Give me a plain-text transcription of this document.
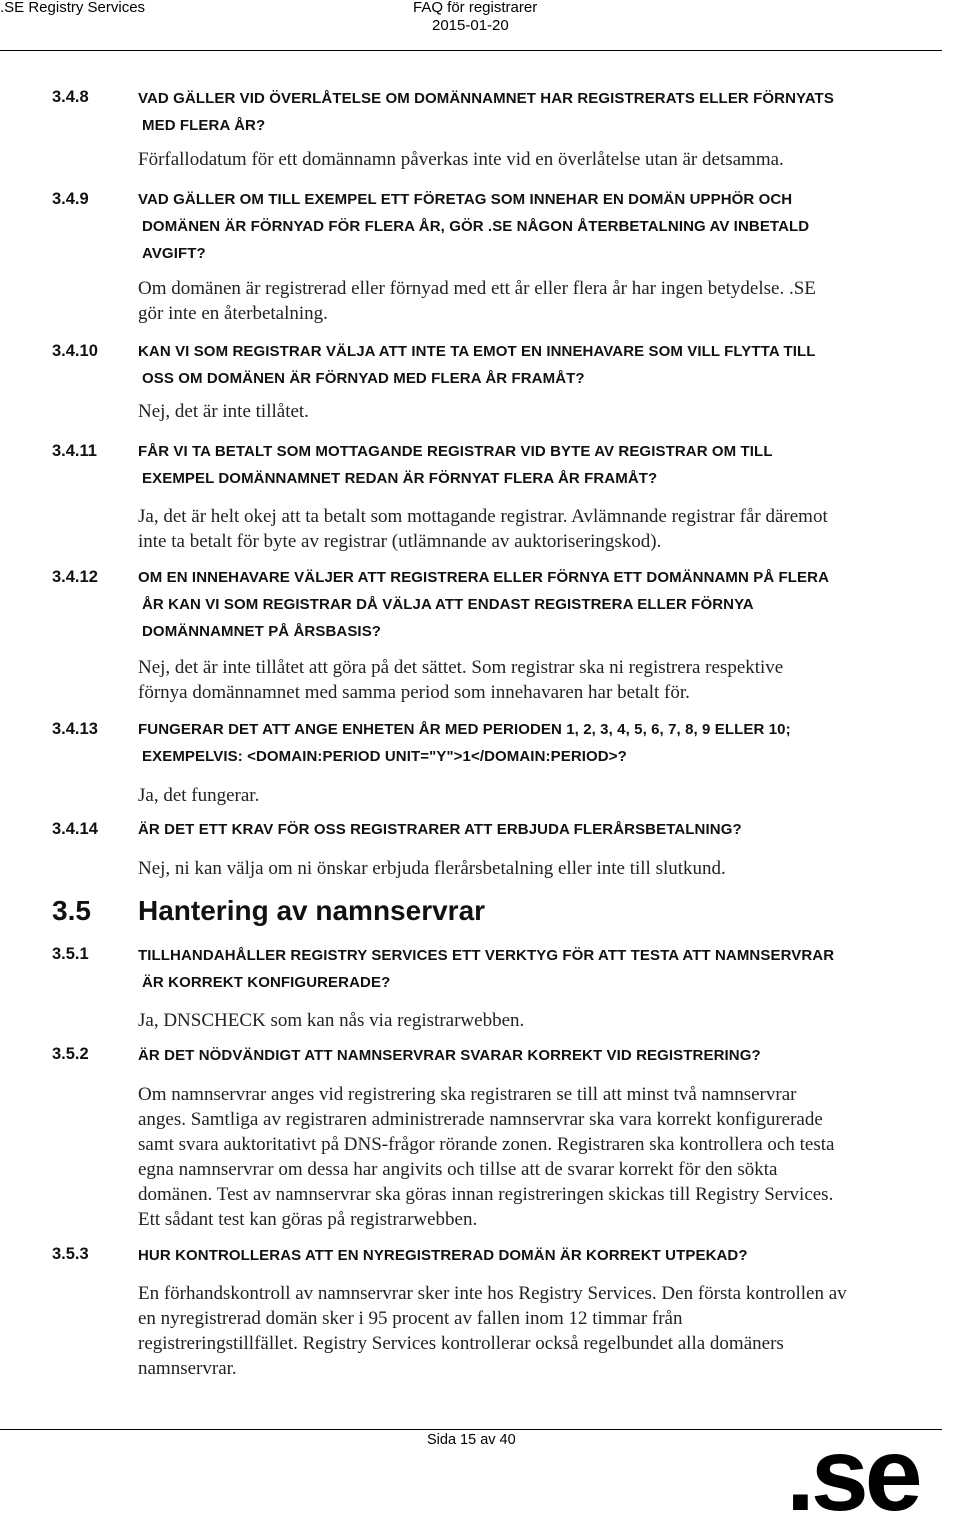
.SE Registry Services	FAQ för registrarer
2015-01-20
3.4.8	VAD GÄLLER VID ÖVERLÅTELSE OM DOMÄNNAMNET HAR REGISTRERATS ELLER FÖRNYATS
MED FLERA ÅR?
Förfallodatum för ett domännamn påverkas inte vid en överlåtelse utan är detsamma.
3.4.9	VAD GÄLLER OM TILL EXEMPEL ETT FÖRETAG SOM INNEHAR EN DOMÄN UPPHÖR OCH
DOMÄNEN ÄR FÖRNYAD FÖR FLERA ÅR, GÖR .SE NÅGON ÅTERBETALNING AV INBETALD
AVGIFT?
Om domänen är registrerad eller förnyad med ett år eller flera år har ingen betydelse. .SE
gör inte en återbetalning.
3.4.10	KAN VI SOM REGISTRAR VÄLJA ATT INTE TA EMOT EN INNEHAVARE SOM VILL FLYTTA TILL
OSS OM DOMÄNEN ÄR FÖRNYAD MED FLERA ÅR FRAMÅT?
Nej, det är inte tillåtet.
3.4.11	FÅR VI TA BETALT SOM MOTTAGANDE REGISTRAR VID BYTE AV REGISTRAR OM TILL
EXEMPEL DOMÄNNAMNET REDAN ÄR FÖRNYAT FLERA ÅR FRAMÅT?
Ja, det är helt okej att ta betalt som mottagande registrar. Avlämnande registrar får däremot
inte ta betalt för byte av registrar (utlämnande av auktoriseringskod).
3.4.12	OM EN INNEHAVARE VÄLJER ATT REGISTRERA ELLER FÖRNYA ETT DOMÄNNAMN PÅ FLERA
ÅR KAN VI SOM REGISTRAR DÅ VÄLJA ATT ENDAST REGISTRERA ELLER FÖRNYA
DOMÄNNAMNET PÅ ÅRSBASIS?
Nej, det är inte tillåtet att göra på det sättet. Som registrar ska ni registrera respektive
förnya domännamnet med samma period som innehavaren har betalt för.
3.4.13	FUNGERAR DET ATT ANGE ENHETEN ÅR MED PERIODEN 1, 2, 3, 4, 5, 6, 7, 8, 9 ELLER 10;
EXEMPELVIS: <DOMAIN:PERIOD UNIT="Y">1</DOMAIN:PERIOD>?
Ja, det fungerar.
3.4.14	ÄR DET ETT KRAV FÖR OSS REGISTRARER ATT ERBJUDA FLERÅRSBETALNING?
Nej, ni kan välja om ni önskar erbjuda flerårsbetalning eller inte till slutkund.
3.5 Hantering av namnservrar
3.5.1	TILLHANDAHÅLLER REGISTRY SERVICES ETT VERKTYG FÖR ATT TESTA ATT NAMNSERVRAR
ÄR KORREKT KONFIGURERADE?
Ja, DNSCHECK som kan nås via registrarwebben.
3.5.2	ÄR DET NÖDVÄNDIGT ATT NAMNSERVRAR SVARAR KORREKT VID REGISTRERING?
Om namnservrar anges vid registrering ska registraren se till att minst två namnservrar
anges. Samtliga av registraren administrerade namnservrar ska vara korrekt konfigurerade
samt svara auktoritativt på DNS-frågor rörande zonen. Registraren ska kontrollera och testa
egna namnservrar om dessa har angivits och tillse att de svarar korrekt för den sökta
domänen. Test av namnservrar ska göras innan registreringen skickas till Registry Services.
Ett sådant test kan göras på registrarwebben.
3.5.3	HUR KONTROLLERAS ATT EN NYREGISTRERAD DOMÄN ÄR KORREKT UTPEKAD?
En förhandskontroll av namnservrar sker inte hos Registry Services. Den första kontrollen av
en nyregistrerad domän sker i 95 procent av fallen inom 12 timmar från
registreringstillfället. Registry Services kontrollerar också regelbundet alla domäners
namnservrar.
Sida 15 av 40	.se
